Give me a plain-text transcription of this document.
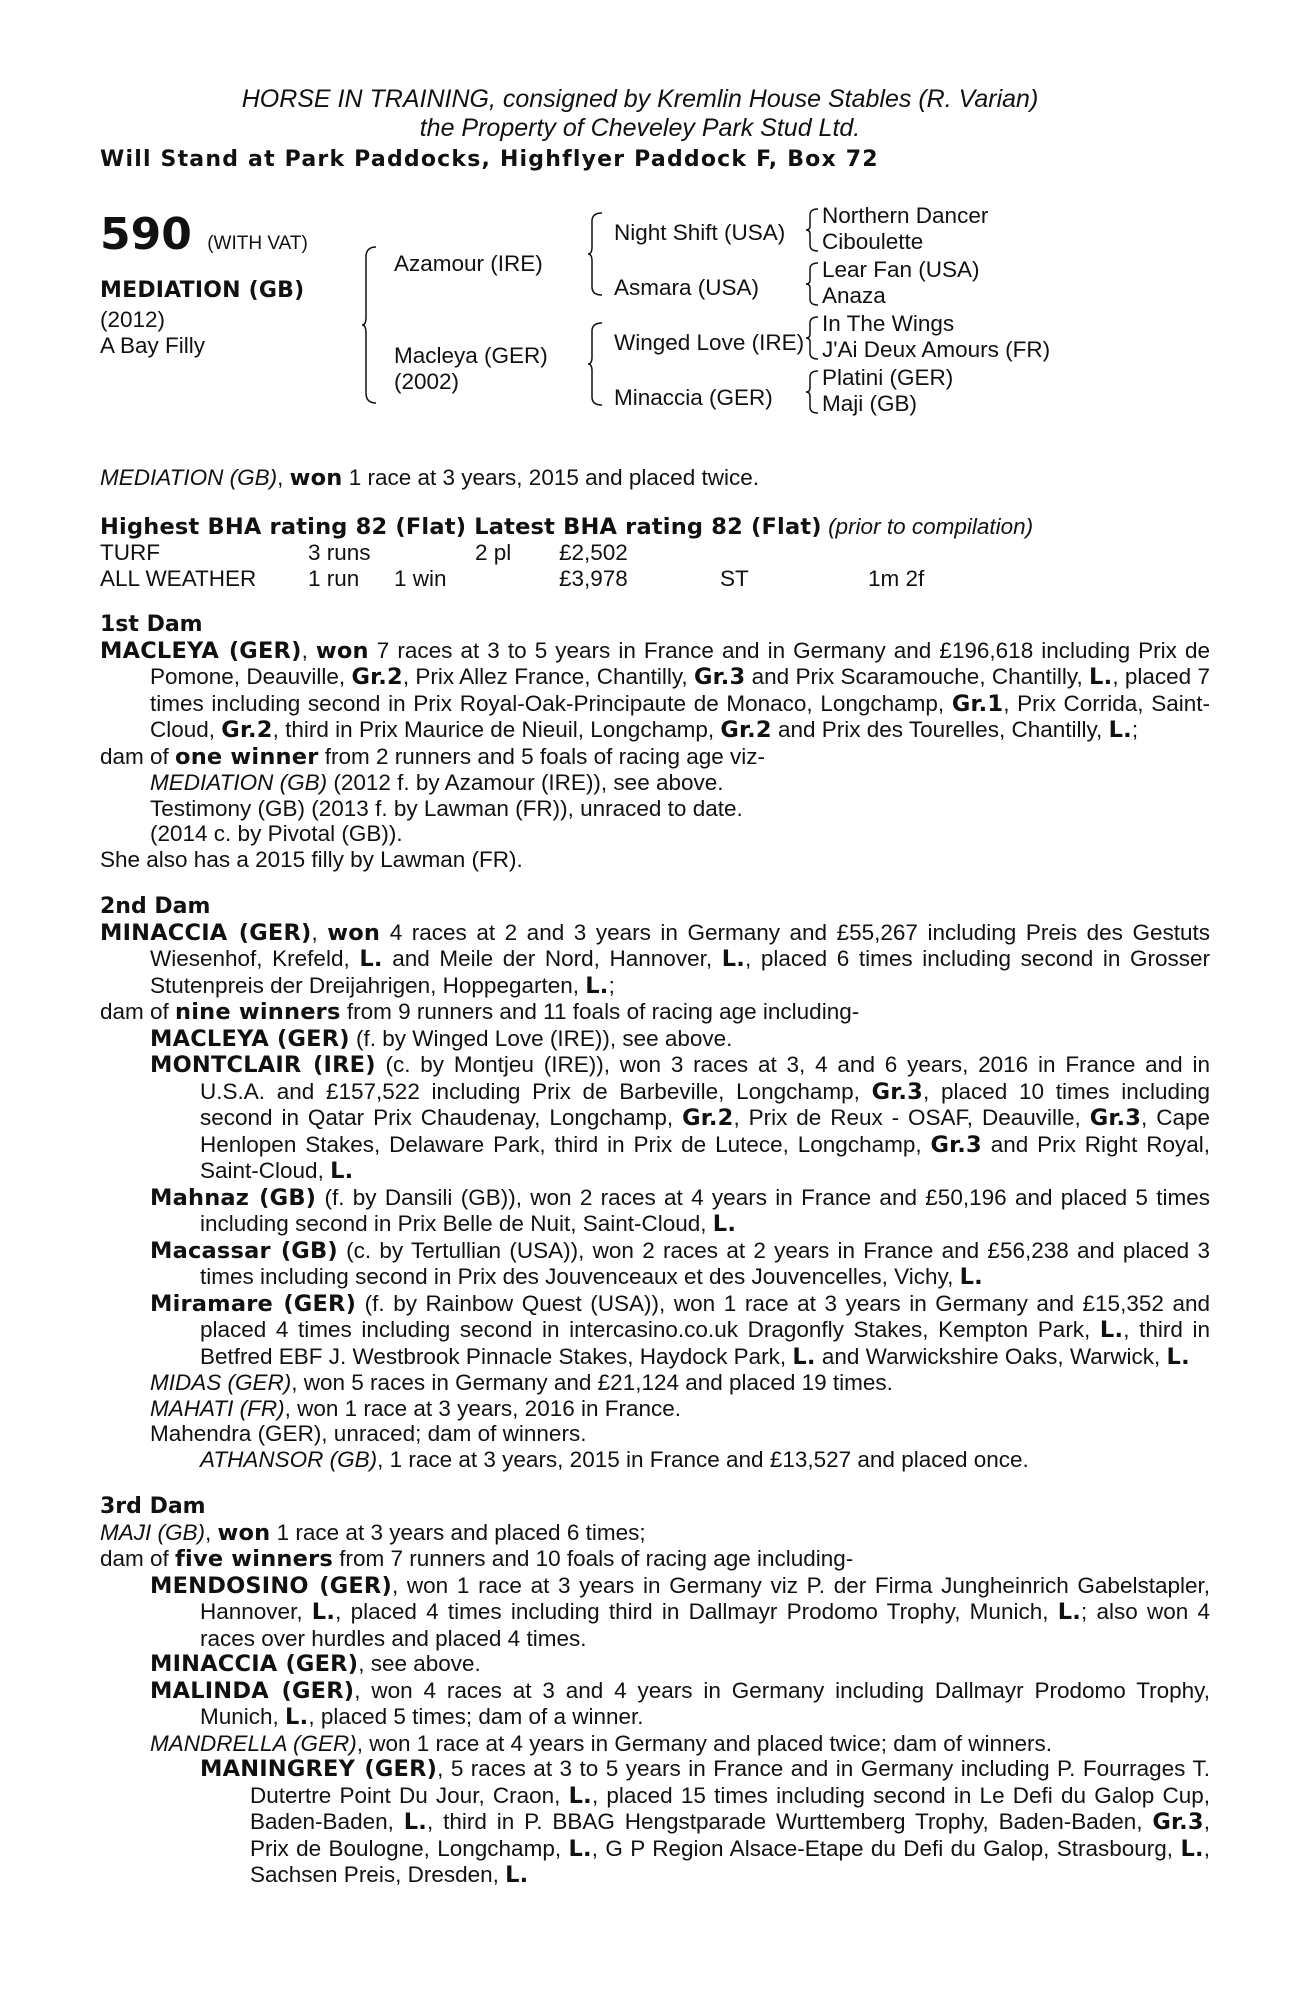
HORSE IN TRAINING, consigned by Kremlin House Stables (R. Varian)
the Property of Cheveley Park Stud Ltd.
Will Stand at Park Paddocks, Highflyer Paddock F, Box 72
590 (WITH VAT)
MEDIATION (GB)
(2012)
A Bay Filly
Azamour (IRE)
Macleya (GER)
(2002)
Night Shift (USA)
Asmara (USA)
Winged Love (IRE)
Minaccia (GER)
Northern Dancer
Ciboulette
Lear Fan (USA)
Anaza
In The Wings
J'Ai Deux Amours (FR)
Platini (GER)
Maji (GB)
MEDIATION (GB), won 1 race at 3 years, 2015 and placed twice.
Highest BHA rating 82 (Flat) Latest BHA rating 82 (Flat) (prior to compilation)
TURF	3 runs	2 pl £2,502
ALL WEATHER 1 run 1 win	£3,978	ST	1m 2f
1st Dam
MACLEYA (GER), won 7 races at 3 to 5 years in France and in Germany and £196,618 including Prix de Pomone, Deauville, Gr.2, Prix Allez France, Chantilly, Gr.3 and Prix Scaramouche, Chantilly, L., placed 7 times including second in Prix Royal-Oak-Principaute de Monaco, Longchamp, Gr.1, Prix Corrida, Saint-Cloud, Gr.2, third in Prix Maurice de Nieuil, Longchamp, Gr.2 and Prix des Tourelles, Chantilly, L.;
dam of one winner from 2 runners and 5 foals of racing age viz-
MEDIATION (GB) (2012 f. by Azamour (IRE)), see above.
Testimony (GB) (2013 f. by Lawman (FR)), unraced to date.
(2014 c. by Pivotal (GB)).
She also has a 2015 filly by Lawman (FR).
2nd Dam
MINACCIA (GER), won 4 races at 2 and 3 years in Germany and £55,267 including Preis des Gestuts Wiesenhof, Krefeld, L. and Meile der Nord, Hannover, L., placed 6 times including second in Grosser Stutenpreis der Dreijahrigen, Hoppegarten, L.;
dam of nine winners from 9 runners and 11 foals of racing age including-
MACLEYA (GER) (f. by Winged Love (IRE)), see above.
MONTCLAIR (IRE) (c. by Montjeu (IRE)), won 3 races at 3, 4 and 6 years, 2016 in France and in U.S.A. and £157,522 including Prix de Barbeville, Longchamp, Gr.3, placed 10 times including second in Qatar Prix Chaudenay, Longchamp, Gr.2, Prix de Reux - OSAF, Deauville, Gr.3, Cape Henlopen Stakes, Delaware Park, third in Prix de Lutece, Longchamp, Gr.3 and Prix Right Royal, Saint-Cloud, L.
Mahnaz (GB) (f. by Dansili (GB)), won 2 races at 4 years in France and £50,196 and placed 5 times including second in Prix Belle de Nuit, Saint-Cloud, L.
Macassar (GB) (c. by Tertullian (USA)), won 2 races at 2 years in France and £56,238 and placed 3 times including second in Prix des Jouvenceaux et des Jouvencelles, Vichy, L.
Miramare (GER) (f. by Rainbow Quest (USA)), won 1 race at 3 years in Germany and £15,352 and placed 4 times including second in intercasino.co.uk Dragonfly Stakes, Kempton Park, L., third in Betfred EBF J. Westbrook Pinnacle Stakes, Haydock Park, L. and Warwickshire Oaks, Warwick, L.
MIDAS (GER), won 5 races in Germany and £21,124 and placed 19 times.
MAHATI (FR), won 1 race at 3 years, 2016 in France.
Mahendra (GER), unraced; dam of winners.
ATHANSOR (GB), 1 race at 3 years, 2015 in France and £13,527 and placed once.
3rd Dam
MAJI (GB), won 1 race at 3 years and placed 6 times;
dam of five winners from 7 runners and 10 foals of racing age including-
MENDOSINO (GER), won 1 race at 3 years in Germany viz P. der Firma Jungheinrich Gabelstapler, Hannover, L., placed 4 times including third in Dallmayr Prodomo Trophy, Munich, L.; also won 4 races over hurdles and placed 4 times.
MINACCIA (GER), see above.
MALINDA (GER), won 4 races at 3 and 4 years in Germany including Dallmayr Prodomo Trophy, Munich, L., placed 5 times; dam of a winner.
MANDRELLA (GER), won 1 race at 4 years in Germany and placed twice; dam of winners.
MANINGREY (GER), 5 races at 3 to 5 years in France and in Germany including P. Fourrages T. Dutertre Point Du Jour, Craon, L., placed 15 times including second in Le Defi du Galop Cup, Baden-Baden, L., third in P. BBAG Hengstparade Wurttemberg Trophy, Baden-Baden, Gr.3, Prix de Boulogne, Longchamp, L., G P Region Alsace-Etape du Defi du Galop, Strasbourg, L., Sachsen Preis, Dresden, L.
